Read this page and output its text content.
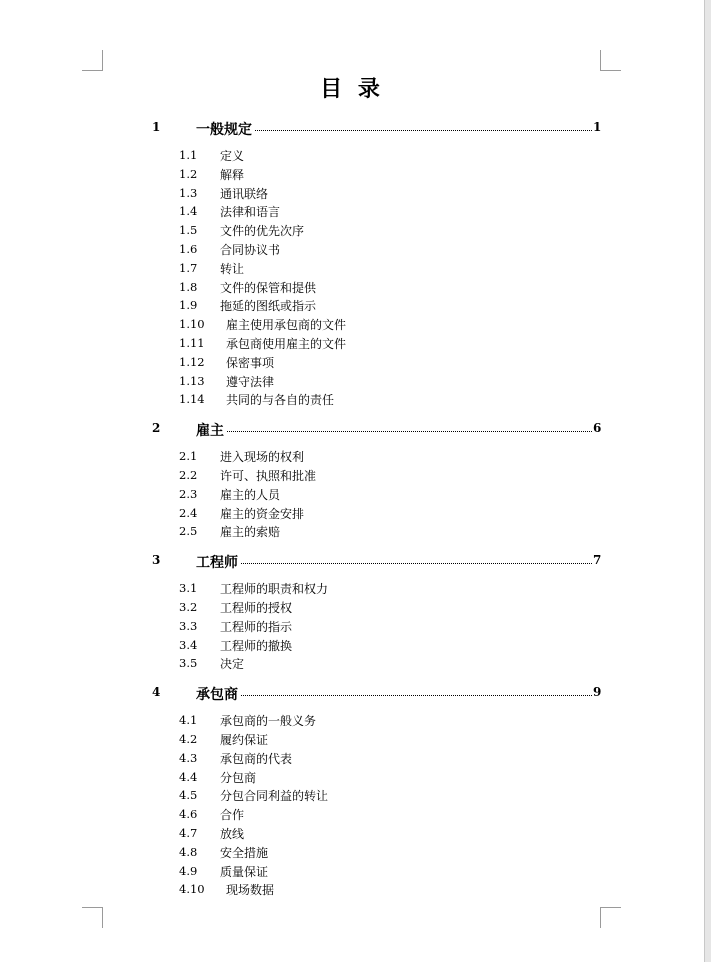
目 录
1	一般规定	1
1.1 定义
1.2 解释
1.3 通讯联络
1.4 法律和语言
1.5 文件的优先次序
1.6 合同协议书
1.7 转让
1.8 文件的保管和提供
1.9 拖延的图纸或指示
1.10 雇主使用承包商的文件
1.11 承包商使用雇主的文件
1.12 保密事项
1.13 遵守法律
1.14 共同的与各自的责任
2	雇主	6
2.1 进入现场的权利
2.2 许可、执照和批准
2.3 雇主的人员
2.4 雇主的资金安排
2.5 雇主的索赔
3	工程师	7
3.1 工程师的职责和权力
3.2 工程师的授权
3.3 工程师的指示
3.4 工程师的撤换
3.5 决定
4	承包商	9
4.1 承包商的一般义务
4.2 履约保证
4.3 承包商的代表
4.4 分包商
4.5 分包合同利益的转让
4.6 合作
4.7 放线
4.8 安全措施
4.9 质量保证
4.10 现场数据
